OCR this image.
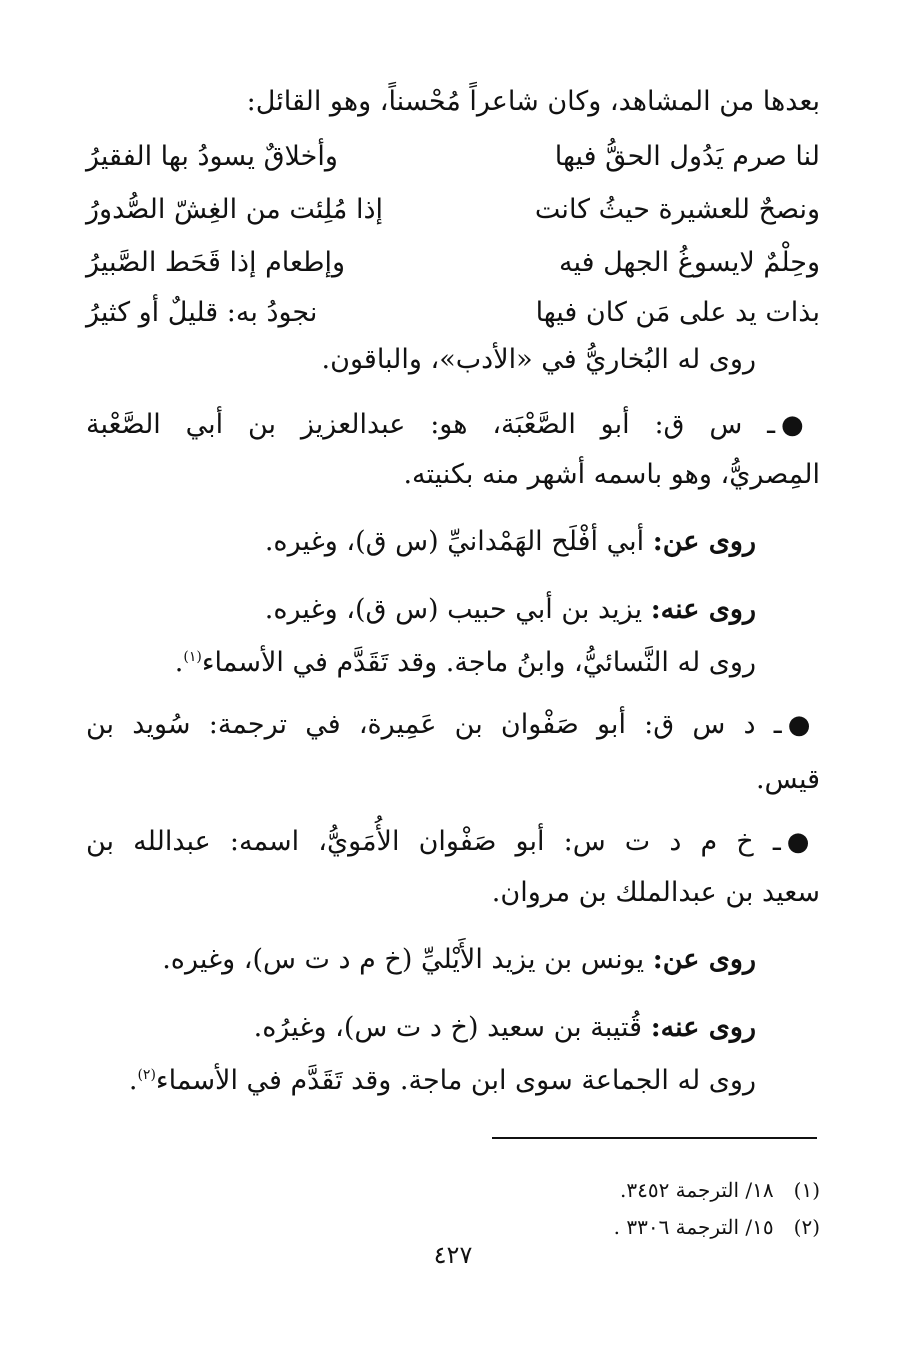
بعدها من المشاهد، وكان شاعراً مُحْسناً، وهو القائل:
لنا صرم يَدُول الحقُّ فيها
وأخلاقٌ يسودُ بها الفقيرُ
ونصحٌ للعشيرة حيثُ كانت
إذا مُلِئت من الغِشّ الصُّدورُ
وحِلْمٌ لايسوغُ الجهل فيه
وإطعام إذا قَحَط الصَّبيرُ
بذات يد على مَن كان فيها
نجودُ به: قليلٌ أو كثيرُ
روى له البُخاريُّ في «الأدب»، والباقون.
●ـ س ق: أبو الصَّعْبَة، هو: عبدالعزيز بن أبي الصَّعْبة
المِصريُّ، وهو باسمه أشهر منه بكنيته.
روى عن: أبي أفْلَح الهَمْدانيِّ (س ق)، وغيره.
روى عنه: يزيد بن أبي حبيب (س ق)، وغيره.
روى له النَّسائيُّ، وابنُ ماجة. وقد تَقَدَّم في الأسماء$^{(١)}$.
●ـ د س ق: أبو صَفْوان بن عَمِيرة، في ترجمة: سُويد بن
قيس.
●ـ خ م د ت س: أبو صَفْوان الأُمَويُّ، اسمه: عبدالله بن
سعيد بن عبدالملك بن مروان.
روى عن: يونس بن يزيد الأَيْليِّ (خ م د ت س)، وغيره.
روى عنه: قُتيبة بن سعيد (خ د ت س)، وغيرُه.
روى له الجماعة سوى ابن ماجة. وقد تَقَدَّم في الأسماء$^{(٢)}$.
(١)١٨/ الترجمة ٣٤٥٢.
(٢)١٥/ الترجمة ٣٣٠٦ .
٤٢٧
